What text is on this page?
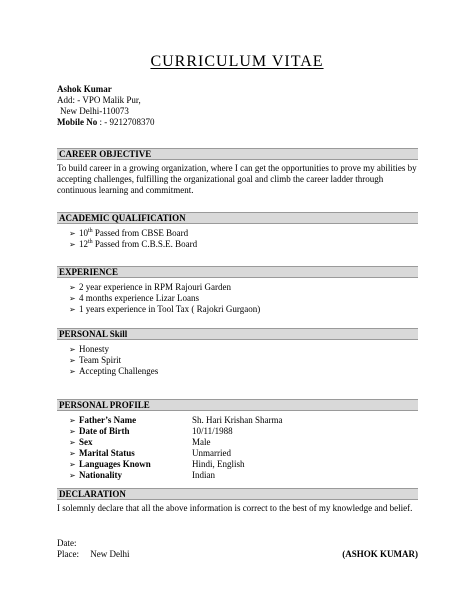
CURRICULUM VITAE
Ashok Kumar
Add: - VPO Malik Pur,
New Delhi-110073
Mobile No : - 9212708370
CAREER OBJECTIVE
To build career in a growing organization, where I can get the opportunities to prove my abilities by accepting challenges, fulfilling the organizational goal and climb the career ladder through continuous learning and commitment.
ACADEMIC QUALIFICATION
➢ 10th Passed from CBSE Board
➢ 12th Passed from C.B.S.E. Board
EXPERIENCE
➢ 2 year experience in RPM Rajouri Garden
➢ 4 months experience Lizar Loans
➢ 1 years experience in Tool Tax ( Rajokri Gurgaon)
PERSONAL Skill
➢ Honesty
➢ Team Spirit
➢ Accepting Challenges
PERSONAL PROFILE
➢ Father’s Name	Sh. Hari Krishan Sharma
➢ Date of Birth	10/11/1988
➢ Sex	Male
➢ Marital Status	Unmarried
➢ Languages Known	Hindi, English
➢ Nationality	Indian
DECLARATION
I solemnly declare that all the above information is correct to the best of my knowledge and belief.
Date:
Place: New Delhi	(ASHOK KUMAR)
